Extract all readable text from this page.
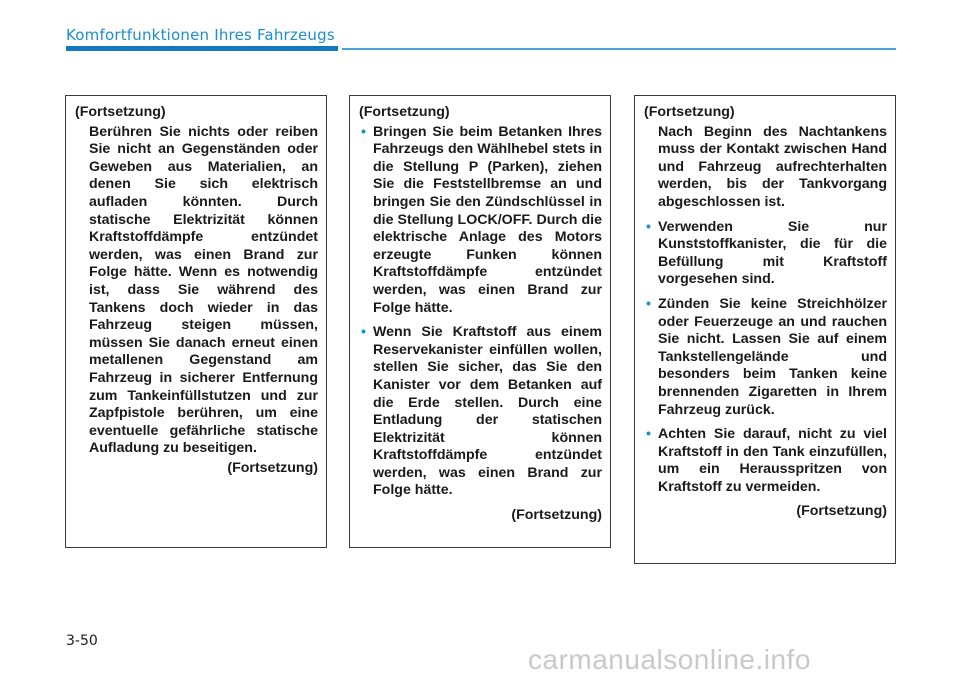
Komfortfunktionen Ihres Fahrzeugs
(Fortsetzung)
Berühren Sie nichts oder reiben Sie nicht an Gegenständen oder Geweben aus Materialien, an denen Sie sich elektrisch aufladen könnten. Durch statische Elektrizität können Kraftstoffdämpfe entzündet werden, was einen Brand zur Folge hätte. Wenn es notwendig ist, dass Sie während des Tankens doch wieder in das Fahrzeug steigen müssen, müssen Sie danach erneut einen metallenen Gegenstand am Fahrzeug in sicherer Entfernung zum Tankeinfüllstutzen und zur Zapfpistole berühren, um eine eventuelle gefährliche statische Aufladung zu beseitigen.
(Fortsetzung)
(Fortsetzung)
• Bringen Sie beim Betanken Ihres Fahrzeugs den Wählhebel stets in die Stellung P (Parken), ziehen Sie die Feststellbremse an und bringen Sie den Zündschlüssel in die Stellung LOCK/OFF. Durch die elektrische Anlage des Motors erzeugte Funken können Kraftstoffdämpfe entzündet werden, was einen Brand zur Folge hätte.
• Wenn Sie Kraftstoff aus einem Reservekanister einfüllen wollen, stellen Sie sicher, das Sie den Kanister vor dem Betanken auf die Erde stellen. Durch eine Entladung der statischen Elektrizität können Kraftstoffdämpfe entzündet werden, was einen Brand zur Folge hätte.
(Fortsetzung)
(Fortsetzung)
Nach Beginn des Nachtankens muss der Kontakt zwischen Hand und Fahrzeug aufrechterhalten werden, bis der Tankvorgang abgeschlossen ist.
• Verwenden Sie nur Kunststoffkanister, die für die Befüllung mit Kraftstoff vorgesehen sind.
• Zünden Sie keine Streichhölzer oder Feuerzeuge an und rauchen Sie nicht. Lassen Sie auf einem Tankstellengelände und besonders beim Tanken keine brennenden Zigaretten in Ihrem Fahrzeug zurück.
• Achten Sie darauf, nicht zu viel Kraftstoff in den Tank einzufüllen, um ein Herausspritzen von Kraftstoff zu vermeiden.
(Fortsetzung)
3-50
carmanualsonline.info
